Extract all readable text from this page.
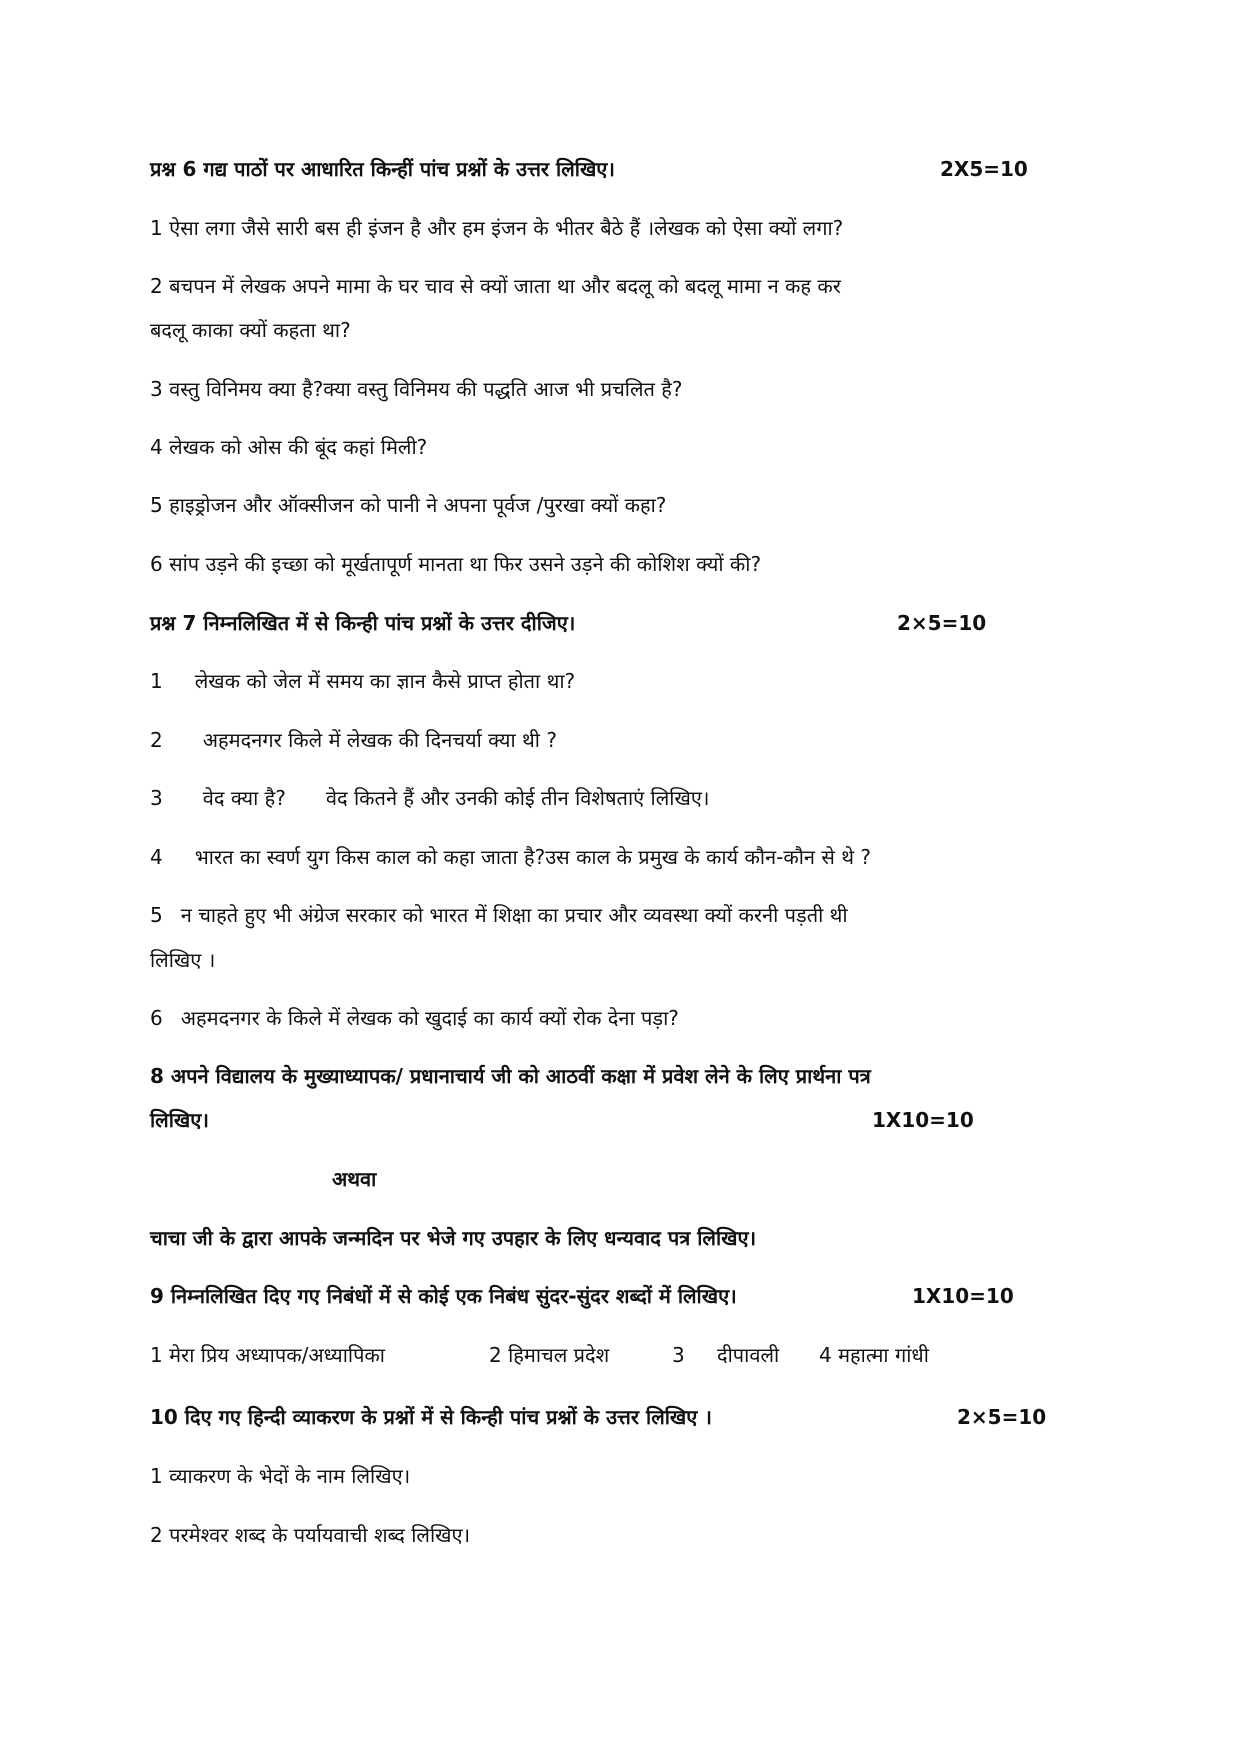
प्रश्न 6 गद्य पाठों पर आधारित किन्हीं पांच प्रश्नों के उत्तर लिखिए।	2X5=10
1 ऐसा लगा जैसे सारी बस ही इंजन है और हम इंजन के भीतर बैठे हैं ।लेखक को ऐसा क्यों लगा?
2 बचपन में लेखक अपने मामा के घर चाव से क्यों जाता था और बदलू को बदलू मामा न कह कर
बदलू काका क्यों कहता था?
3 वस्तु विनिमय क्या है?क्या वस्तु विनिमय की पद्धति आज भी प्रचलित है?
4 लेखक को ओस की बूंद कहां मिली?
5 हाइड्रोजन और ऑक्सीजन को पानी ने अपना पूर्वज /पुरखा क्यों कहा?
6 सांप उड़ने की इच्छा को मूर्खतापूर्ण मानता था फिर उसने उड़ने की कोशिश क्यों की?
प्रश्न 7 निम्नलिखित में से किन्ही पांच प्रश्नों के उत्तर दीजिए।	2×5=10
1 लेखक को जेल में समय का ज्ञान कैसे प्राप्त होता था?
2 अहमदनगर किले में लेखक की दिनचर्या क्या थी ?
3 वेद क्या है? वेद कितने हैं और उनकी कोई तीन विशेषताएं लिखिए।
4 भारत का स्वर्ण युग किस काल को कहा जाता है?उस काल के प्रमुख के कार्य कौन-कौन से थे ?
5 न चाहते हुए भी अंग्रेज सरकार को भारत में शिक्षा का प्रचार और व्यवस्था क्यों करनी पड़ती थी
लिखिए ।
6 अहमदनगर के किले में लेखक को खुदाई का कार्य क्यों रोक देना पड़ा?
8 अपने विद्यालय के मुख्याध्यापक/ प्रधानाचार्य जी को आठवीं कक्षा में प्रवेश लेने के लिए प्रार्थना पत्र
लिखिए।	1X10=10
अथवा
चाचा जी के द्वारा आपके जन्मदिन पर भेजे गए उपहार के लिए धन्यवाद पत्र लिखिए।
9 निम्नलिखित दिए गए निबंधों में से कोई एक निबंध सुंदर-सुंदर शब्दों में लिखिए।	1X10=10
1 मेरा प्रिय अध्यापक/अध्यापिका	2 हिमाचल प्रदेश	3 दीपावली 4 महात्मा गांधी
10 दिए गए हिन्दी व्याकरण के प्रश्नों में से किन्ही पांच प्रश्नों के उत्तर लिखिए ।	2×5=10
1 व्याकरण के भेदों के नाम लिखिए।
2 परमेश्वर शब्द के पर्यायवाची शब्द लिखिए।
